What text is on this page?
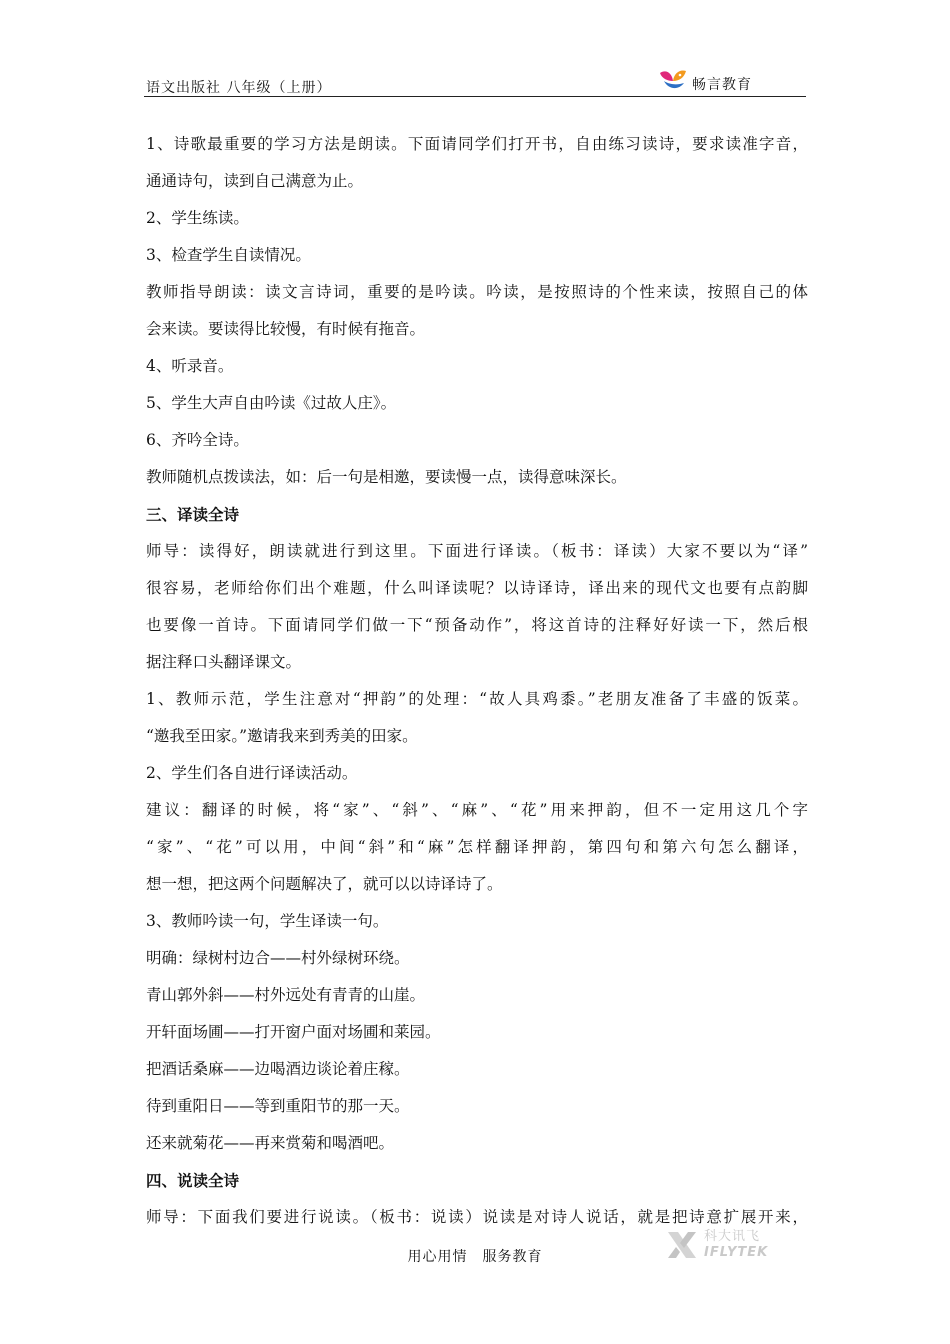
语文出版社 八年级（上册）	畅言教育
1、诗歌最重要的学习方法是朗读。下面请同学们打开书，自由练习读诗，要求读准字音，
通通诗句，读到自己满意为止。
2、学生练读。
3、检查学生自读情况。
教师指导朗读：读文言诗词，重要的是吟读。吟读，是按照诗的个性来读，按照自己的体
会来读。要读得比较慢，有时候有拖音。
4、听录音。
5、学生大声自由吟读《过故人庄》。
6、齐吟全诗。
教师随机点拨读法，如：后一句是相邀，要读慢一点，读得意味深长。
三、译读全诗
师导：读得好，朗读就进行到这里。下面进行译读。（板书：译读）大家不要以为“译”
很容易，老师给你们出个难题，什么叫译读呢？以诗译诗，译出来的现代文也要有点韵脚
也要像一首诗。下面请同学们做一下“预备动作”，将这首诗的注释好好读一下，然后根
据注释口头翻译课文。
1、教师示范，学生注意对“押韵”的处理：“故人具鸡黍。”老朋友准备了丰盛的饭菜。
“邀我至田家。”邀请我来到秀美的田家。
2、学生们各自进行译读活动。
建议：翻译的时候，将“家”、“斜”、“麻”、“花”用来押韵，但不一定用这几个字
“家”、“花”可以用，中间“斜”和“麻”怎样翻译押韵，第四句和第六句怎么翻译，
想一想，把这两个问题解决了，就可以以诗译诗了。
3、教师吟读一句，学生译读一句。
明确：绿树村边合——村外绿树环绕。
青山郭外斜——村外远处有青青的山崖。
开轩面场圃——打开窗户面对场圃和莱园。
把酒话桑麻——边喝酒边谈论着庄稼。
待到重阳日——等到重阳节的那一天。
还来就菊花——再来赏菊和喝酒吧。
四、说读全诗
师导：下面我们要进行说读。（板书：说读）说读是对诗人说话，就是把诗意扩展开来，
用心用情　服务教育
科大讯飞
IFLYTEK
